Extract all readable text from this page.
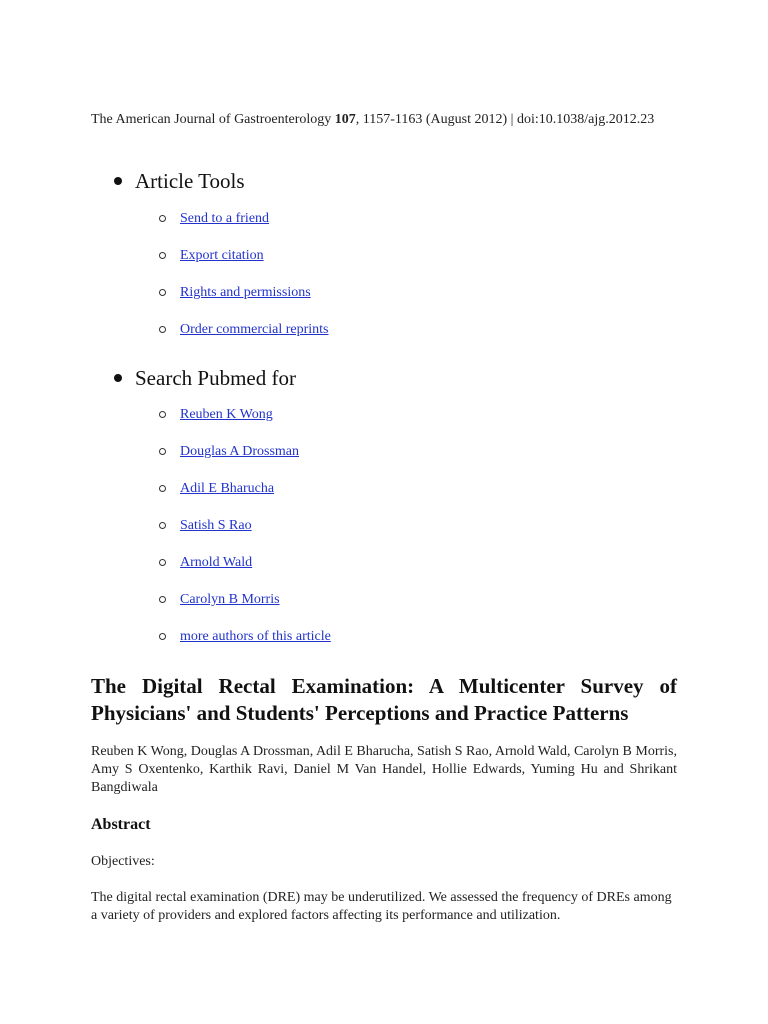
The American Journal of Gastroenterology 107, 1157-1163 (August 2012) | doi:10.1038/ajg.2012.23

Article Tools
Send to a friend
Export citation
Rights and permissions
Order commercial reprints
Search Pubmed for
Reuben K Wong
Douglas A Drossman
Adil E Bharucha
Satish S Rao
Arnold Wald
Carolyn B Morris
more authors of this article
The Digital Rectal Examination: A Multicenter Survey of Physicians' and Students' Perceptions and Practice Patterns

Reuben K Wong, Douglas A Drossman, Adil E Bharucha, Satish S Rao, Arnold Wald, Carolyn B Morris, Amy S Oxentenko, Karthik Ravi, Daniel M Van Handel, Hollie Edwards, Yuming Hu and Shrikant Bangdiwala

Abstract

Objectives:

The digital rectal examination (DRE) may be underutilized. We assessed the frequency of DREs among a variety of providers and explored factors affecting its performance and utilization.
